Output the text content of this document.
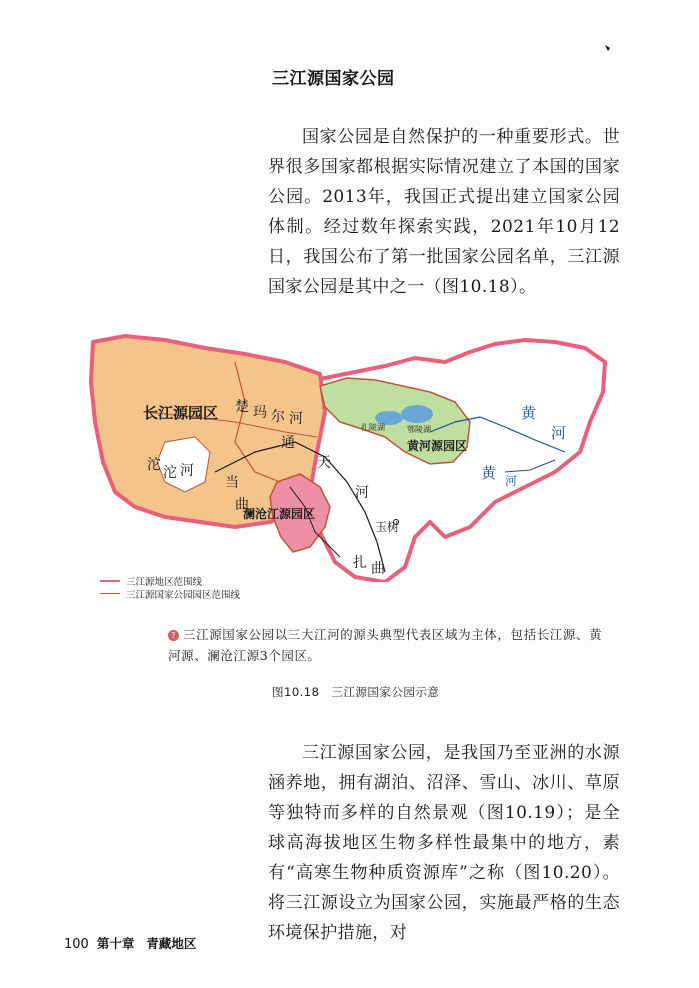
三江源国家公园

国家公园是自然保护的一种重要形式。世界很多国家都根据实际情况建立了本国的国家公园。2013年，我国正式提出建立国家公园体制。经过数年探索实践，2021年10月12日，我国公布了第一批国家公园名单，三江源国家公园是其中之一（图10.18）。

长江源园区
澜沧江源园区
黄河源园区
玉树
扎陵湖	鄂陵湖
沱 沱 河
楚 玛 尔 河
通
天
河
当
曲
扎 曲
黄
河
黄 河
三江源地区范围线
三江源国家公园园区范围线
? 三江源国家公园以三大江河的源头典型代表区域为主体，包括长江源、黄河源、澜沧江源3个园区。
图10.18　三江源国家公园示意

三江源国家公园，是我国乃至亚洲的水源涵养地，拥有湖泊、沼泽、雪山、冰川、草原等独特而多样的自然景观（图10.19）；是全球高海拔地区生物多样性最集中的地方，素有“高寒生物种质资源库”之称（图10.20）。将三江源设立为国家公园，实施最严格的生态环境保护措施，对

100 第十章 青藏地区
